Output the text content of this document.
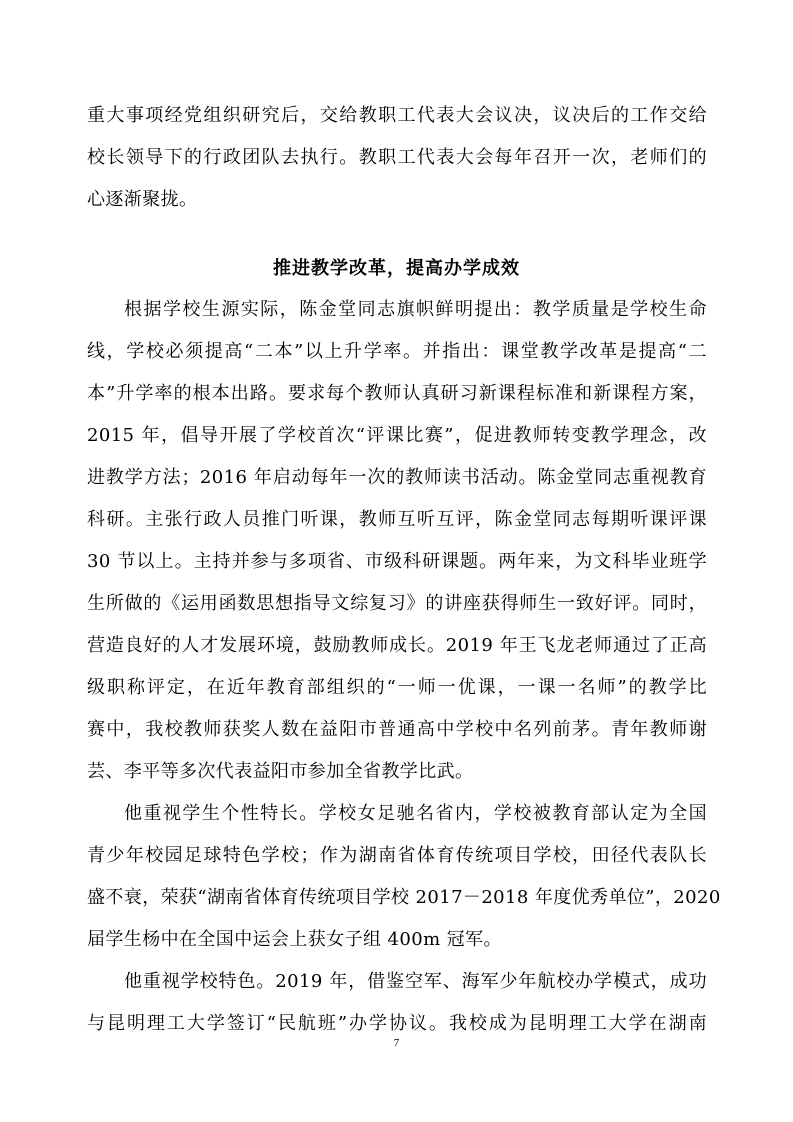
重大事项经党组织研究后，交给教职工代表大会议决，议决后的工作交给
校长领导下的行政团队去执行。教职工代表大会每年召开一次，老师们的
心逐渐聚拢。
推进教学改革，提高办学成效
根据学校生源实际，陈金堂同志旗帜鲜明提出：教学质量是学校生命
线，学校必须提高“二本”以上升学率。并指出：课堂教学改革是提高“二
本”升学率的根本出路。要求每个教师认真研习新课程标准和新课程方案，
2015 年，倡导开展了学校首次“评课比赛”，促进教师转变教学理念，改
进教学方法；2016 年启动每年一次的教师读书活动。陈金堂同志重视教育
科研。主张行政人员推门听课，教师互听互评，陈金堂同志每期听课评课
30 节以上。主持并参与多项省、市级科研课题。两年来，为文科毕业班学
生所做的《运用函数思想指导文综复习》的讲座获得师生一致好评。同时，
营造良好的人才发展环境，鼓励教师成长。2019 年王飞龙老师通过了正高
级职称评定，在近年教育部组织的“一师一优课，一课一名师”的教学比
赛中，我校教师获奖人数在益阳市普通高中学校中名列前茅。青年教师谢
芸、李平等多次代表益阳市参加全省教学比武。
他重视学生个性特长。学校女足驰名省内，学校被教育部认定为全国
青少年校园足球特色学校；作为湖南省体育传统项目学校，田径代表队长
盛不衰，荣获“湖南省体育传统项目学校 2017－2018 年度优秀单位”，2020
届学生杨中在全国中运会上获女子组 400m 冠军。
他重视学校特色。2019 年，借鉴空军、海军少年航校办学模式，成功
与昆明理工大学签订“民航班”办学协议。我校成为昆明理工大学在湖南
7
